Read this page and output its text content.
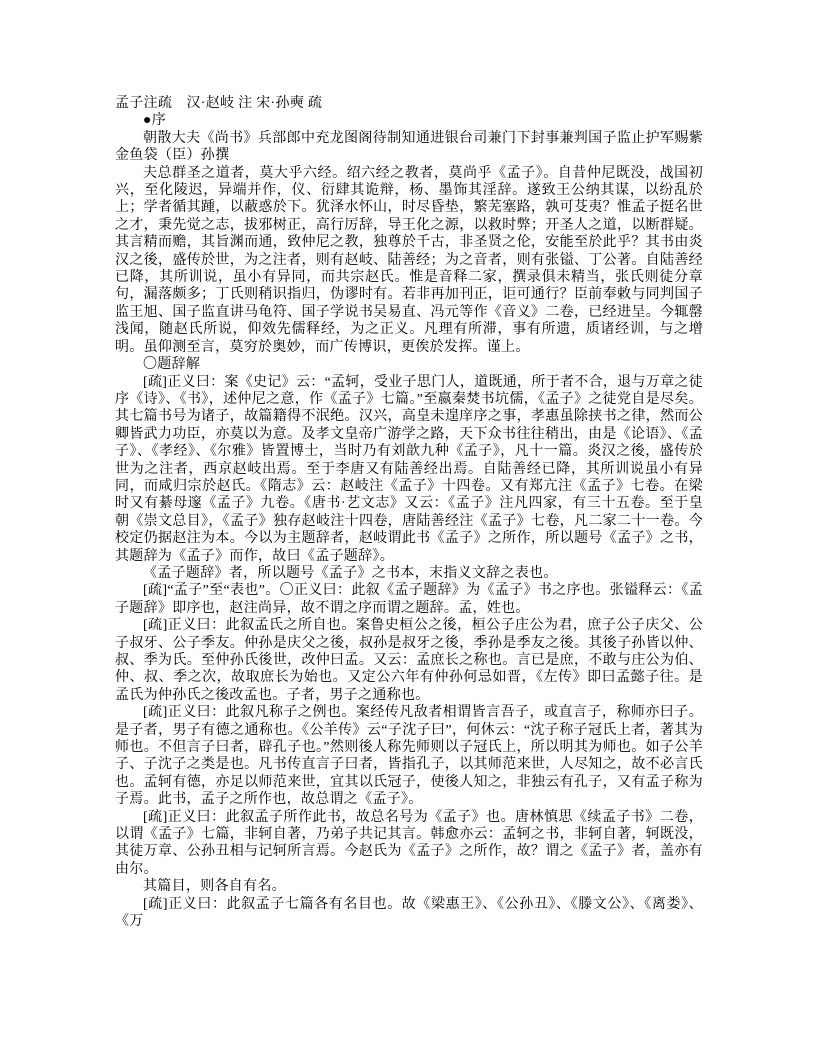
孟子注疏　汉·赵岐 注 宋·孙奭 疏

●序

朝散大夫《尚书》兵部郎中充龙图阁待制知通进银台司兼门下封事兼判国子监止护军赐紫金鱼袋（臣）孙撰

夫总群圣之道者，莫大乎六经。绍六经之教者，莫尚乎《孟子》。自昔仲尼既没，战国初兴，至化陵迟，异端并作，仪、衍肆其诡辩，杨、墨饰其淫辞。遂致王公纳其谋，以纷乱於上；学者循其踵，以蔽惑於下。犹泽水怀山，时尽昏垫，繁芜塞路，孰可芟夷？惟孟子挺名世之才，秉先觉之志，拔邪树正，高行厉辞，导王化之源，以救时弊；开圣人之道，以断群疑。其言精而赡，其旨渊而通，致仲尼之教，独尊於千古，非圣贤之伦，安能至於此乎？其书由炎汉之後，盛传於世，为之注者，则有赵岐、陆善经；为之音者，则有张镒、丁公著。自陆善经已降，其所训说，虽小有异同，而共宗赵氏。惟是音释二家，撰录俱未精当，张氏则徒分章句，漏落颇多；丁氏则稍识指归，伪谬时有。若非再加刊正，讵可通行？臣前奉敕与同判国子监王旭、国子监直讲马龟符、国子学说书吴易直、冯元等作《音义》二卷，已经进呈。今辄罄浅闻，随赵氏所说，仰效先儒释经，为之正义。凡理有所滞，事有所遗，质诸经训，与之增明。虽仰测至言，莫穷於奥妙，而广传博识，更俟於发挥。谨上。

〇题辞解

[疏]正义曰：案《史记》云：“孟轲，受业子思门人，道既通，所于者不合，退与万章之徒序《诗》、《书》，述仲尼之意，作《孟子》七篇。”至嬴秦焚书坑儒，《孟子》之徒党自是尽矣。其七篇书号为诸子，故篇籍得不泯绝。汉兴，高皇未遑庠序之事，孝惠虽除挟书之律，然而公卿皆武力功臣，亦莫以为意。及孝文皇帝广游学之路，天下众书往往稍出，由是《论语》、《孟子》、《孝经》、《尔雅》皆置博士，当时乃有刘歆九种《孟子》，凡十一篇。炎汉之後，盛传於世为之注者，西京赵岐出焉。至于李唐又有陆善经出焉。自陆善经已降，其所训说虽小有异同，而咸归宗於赵氏。《隋志》云：赵岐注《孟子》十四卷。又有郑亢注《孟子》七卷。在梁时又有綦母邃《孟子》九卷。《唐书·艺文志》又云：《孟子》注凡四家，有三十五卷。至于皇朝《崇文总目》，《孟子》独存赵岐注十四卷，唐陆善经注《孟子》七卷，凡二家二十一卷。今校定仍据赵注为本。今以为主题辞者，赵岐谓此书《孟子》之所作，所以题号《孟子》之书，其题辞为《孟子》而作，故曰《孟子题辞》。

《孟子题辞》者，所以题号《孟子》之书本，末指义文辞之表也。

[疏]“孟子”至“表也”。〇正义曰：此叙《孟子题辞》为《孟子》书之序也。张镒释云：《孟子题辞》即序也，赵注尚异，故不谓之序而谓之题辞。孟，姓也。

[疏]正义曰：此叙孟氏之所自也。案鲁史桓公之後，桓公子庄公为君，庶子公子庆父、公子叔牙、公子季友。仲孙是庆父之後，叔孙是叔牙之後，季孙是季友之後。其後子孙皆以仲、叔、季为氏。至仲孙氏後世，改仲曰孟。又云：孟庶长之称也。言已是庶，不敢与庄公为伯、仲、叔、季之次，故取庶长为始也。又定公六年有仲孙何忌如晋，《左传》即曰孟懿子往。是孟氏为仲孙氏之後改孟也。子者，男子之通称也。

[疏]正义曰：此叙凡称子之例也。案经传凡敌者相谓皆言吾子，或直言子，称师亦曰子。是子者，男子有德之通称也。《公羊传》云“子沈子曰”，何休云：“沈子称子冠氏上者，著其为师也。不但言子曰者，辟孔子也。”然则後人称先师则以子冠氏上，所以明其为师也。如子公羊子、子沈子之类是也。凡书传直言子曰者，皆指孔子，以其师范来世，人尽知之，故不必言氏也。孟轲有德，亦足以师范来世，宜其以氏冠子，使後人知之，非独云有孔子，又有孟子称为子焉。此书，孟子之所作也，故总谓之《孟子》。

[疏]正义曰：此叙孟子所作此书，故总名号为《孟子》也。唐林慎思《续孟子书》二卷，以谓《孟子》七篇，非轲自著，乃弟子共记其言。韩愈亦云：孟轲之书，非轲自著，轲既没，其徒万章、公孙丑相与记轲所言焉。今赵氏为《孟子》之所作，故？谓之《孟子》者，盖亦有由尔。

其篇目，则各自有名。

[疏]正义曰：此叙孟子七篇各有名目也。故《梁惠王》、《公孙丑》、《滕文公》、《离娄》、《万
